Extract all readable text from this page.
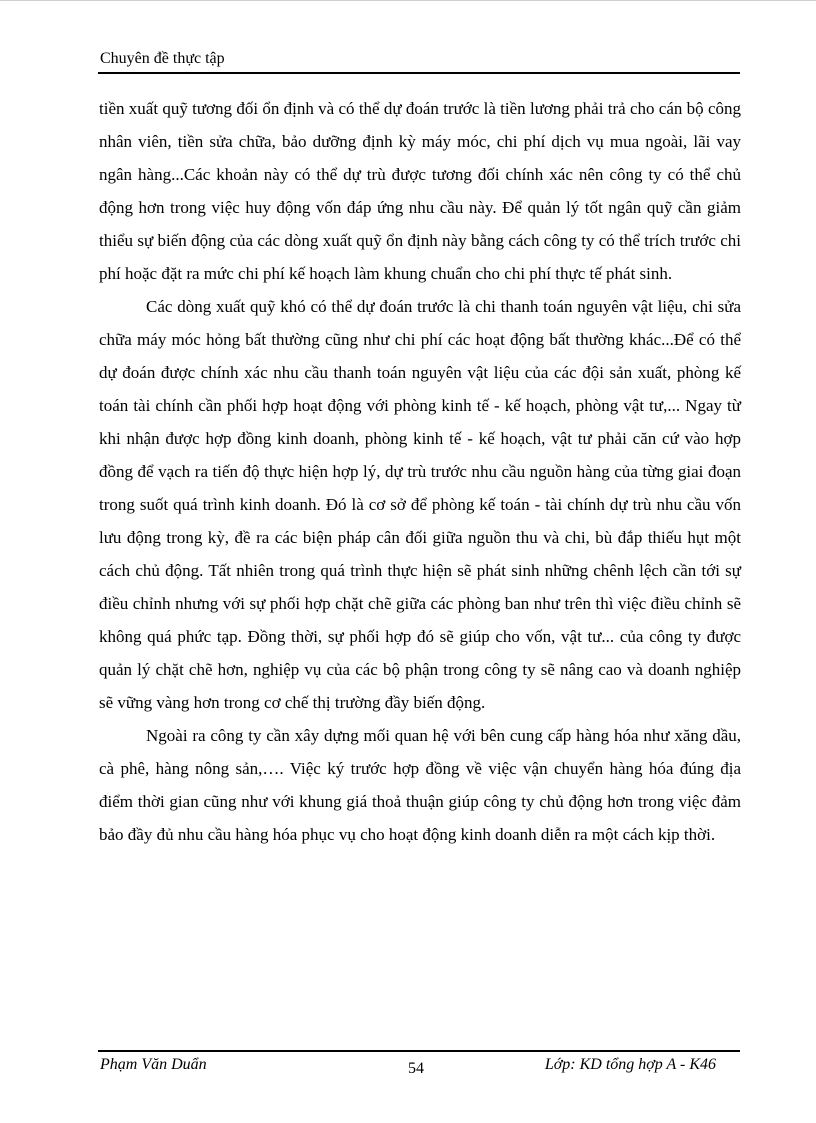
Chuyên đề thực tập

tiền xuất quỹ tương đối ổn định và có thể dự đoán trước là tiền lương phải trả cho cán bộ công nhân viên, tiền sửa chữa, bảo dưỡng định kỳ máy móc, chi phí dịch vụ mua ngoài, lãi vay ngân hàng...Các khoản này có thể dự trù được tương đối chính xác nên công ty có thể chủ động hơn trong việc huy động vốn đáp ứng nhu cầu này. Để quản lý tốt ngân quỹ cần giảm thiểu sự biến động của các dòng xuất quỹ ổn định này bằng cách công ty có thể trích trước chi phí hoặc đặt ra mức chi phí kế hoạch làm khung chuẩn cho chi phí thực tế phát sinh.

Các dòng xuất quỹ khó có thể dự đoán trước là chi thanh toán nguyên vật liệu, chi sửa chữa máy móc hỏng bất thường cũng như chi phí các hoạt động bất thường khác...Để có thể dự đoán được chính xác nhu cầu thanh toán nguyên vật liệu của các đội sản xuất, phòng kế toán tài chính cần phối hợp hoạt động với phòng kinh tế - kế hoạch, phòng vật tư,... Ngay từ khi nhận được hợp đồng kinh doanh, phòng kinh tế - kế hoạch, vật tư phải căn cứ vào hợp đồng để vạch ra tiến độ thực hiện hợp lý, dự trù trước nhu cầu nguồn hàng của từng giai đoạn trong suốt quá trình kinh doanh. Đó là cơ sở để phòng kế toán - tài chính dự trù nhu cầu vốn lưu động trong kỳ, đề ra các biện pháp cân đối giữa nguồn thu và chi, bù đắp thiếu hụt một cách chủ động. Tất nhiên trong quá trình thực hiện sẽ phát sinh những chênh lệch cần tới sự điều chỉnh nhưng với sự phối hợp chặt chẽ giữa các phòng ban như trên thì việc điều chỉnh sẽ không quá phức tạp. Đồng thời, sự phối hợp đó sẽ giúp cho vốn, vật tư... của công ty được quản lý chặt chẽ hơn, nghiệp vụ của các bộ phận trong công ty sẽ nâng cao và doanh nghiệp sẽ vững vàng hơn trong cơ chế thị trường đầy biến động.

Ngoài ra công ty cần xây dựng mối quan hệ với bên cung cấp hàng hóa như xăng dầu, cà phê, hàng nông sản,…. Việc ký trước hợp đồng về việc vận chuyển hàng hóa đúng địa điểm thời gian cũng như với khung giá thoả thuận giúp công ty chủ động hơn trong việc đảm bảo đầy đủ nhu cầu hàng hóa phục vụ cho hoạt động kinh doanh diễn ra một cách kịp thời.

Phạm Văn Duẩn	54	Lớp: KD tổng hợp A - K46
